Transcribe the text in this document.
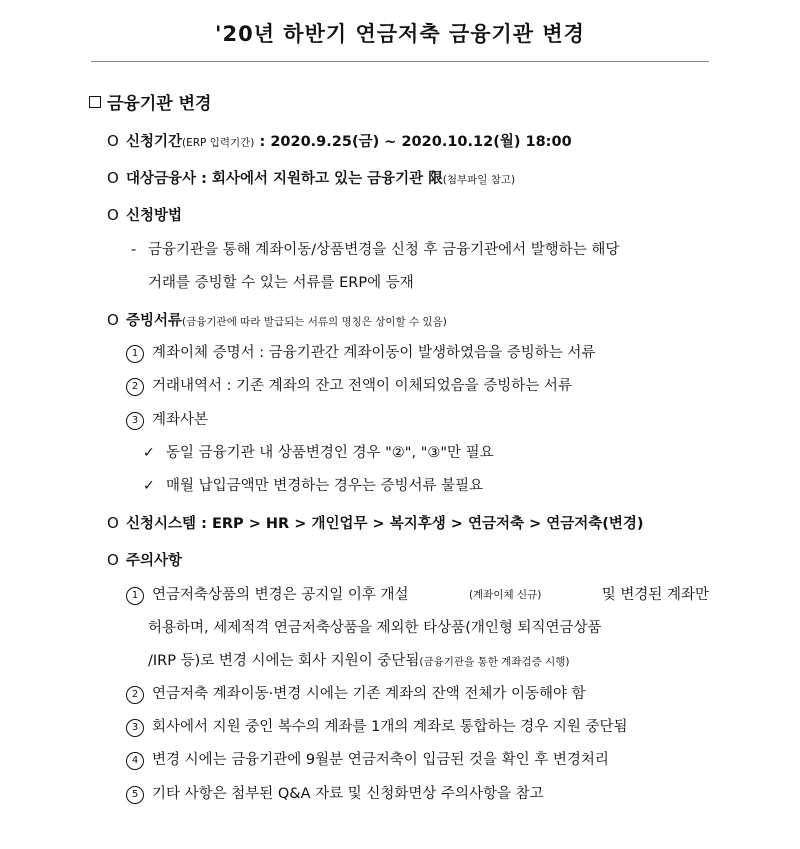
'20년 하반기 연금저축 금융기관 변경
금융기관 변경
O 신청기간(ERP 입력기간) : 2020.9.25(금) ~ 2020.10.12(월) 18:00
O 대상금융사 : 회사에서 지원하고 있는 금융기관 限(첨부파일 참고)
O 신청방법
- 금융기관을 통해 계좌이동/상품변경을 신청 후 금융기관에서 발행하는 해당
거래를 증빙할 수 있는 서류를 ERP에 등재
O 증빙서류(금융기관에 따라 발급되는 서류의 명칭은 상이할 수 있음)
1 계좌이체 증명서 : 금융기관간 계좌이동이 발생하였음을 증빙하는 서류
2 거래내역서 : 기존 계좌의 잔고 전액이 이체되었음을 증빙하는 서류
3 계좌사본
✓ 동일 금융기관 내 상품변경인 경우 "②", "③"만 필요
✓ 매월 납입금액만 변경하는 경우는 증빙서류 불필요
O 신청시스템 : ERP > HR > 개인업무 > 복지후생 > 연금저축 > 연금저축(변경)
O 주의사항
1 연금저축상품의 변경은 공지일 이후 개설	(계좌이체 신규)	및 변경된 계좌만
허용하며, 세제적격 연금저축상품을 제외한 타상품(개인형 퇴직연금상품
/IRP 등)로 변경 시에는 회사 지원이 중단됨(금융기관을 통한 계좌검증 시행)
2 연금저축 계좌이동·변경 시에는 기존 계좌의 잔액 전체가 이동해야 함
3 회사에서 지원 중인 복수의 계좌를 1개의 계좌로 통합하는 경우 지원 중단됨
4 변경 시에는 금융기관에 9월분 연금저축이 입금된 것을 확인 후 변경처리
5 기타 사항은 첨부된 Q&A 자료 및 신청화면상 주의사항을 참고
